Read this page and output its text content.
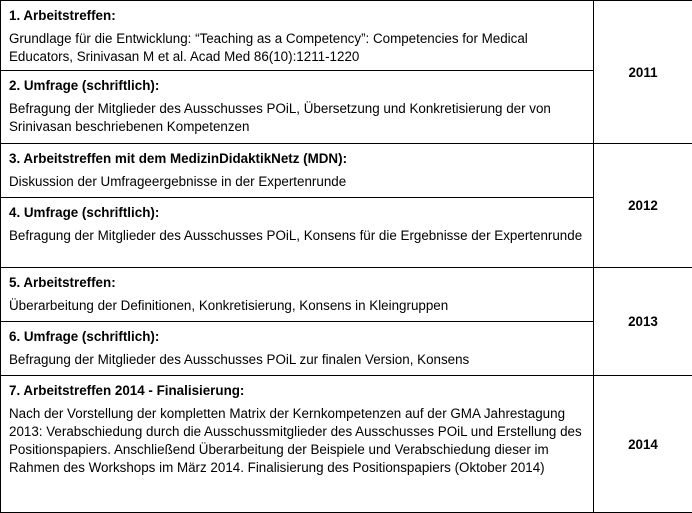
1. Arbeitstreffen:
Grundlage für die Entwicklung: “Teaching as a Competency”: Competencies for Medical Educators, Srinivasan M et al. Acad Med 86(10):1211-1220	2011

2. Umfrage (schriftlich):
Befragung der Mitglieder des Ausschusses POiL, Übersetzung und Konkretisierung der von Srinivasan beschriebenen Kompetenzen	

3. Arbeitstreffen mit dem MedizinDidaktikNetz (MDN):
Diskussion der Umfrageergebnisse in der Expertenrunde	2012

4. Umfrage (schriftlich):
Befragung der Mitglieder des Ausschusses POiL, Konsens für die Ergebnisse der Expertenrunde	

5. Arbeitstreffen:
Überarbeitung der Definitionen, Konkretisierung, Konsens in Kleingruppen	2013

6. Umfrage (schriftlich):
Befragung der Mitglieder des Ausschusses POiL zur finalen Version, Konsens	

7. Arbeitstreffen 2014 - Finalisierung:
Nach der Vorstellung der kompletten Matrix der Kernkompetenzen auf der GMA Jahrestagung 2013: Verabschiedung durch die Ausschussmitglieder des Ausschusses POiL und Erstellung des Positionspapiers. Anschließend Überarbeitung der Beispiele und Verabschiedung dieser im Rahmen des Workshops im März 2014. Finalisierung des Positionspapiers (Oktober 2014)	2014
